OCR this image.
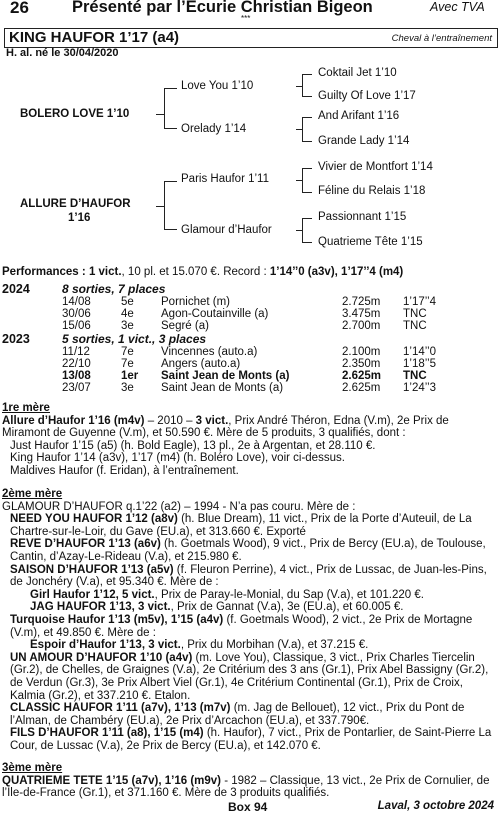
26	Présenté par l’Ecurie Christian Bigeon	Avec TVA
***
KING HAUFOR 1’17 (a4)	Cheval à l’entraînement
H. al. né le 30/04/2020
BOLERO LOVE 1’10
ALLURE D’HAUFOR
1’16
Love You 1’10
Orelady 1’14
Paris Haufor 1’11
Glamour d’Haufor
Coktail Jet 1’10
Guilty Of Love 1’17
And Arifant 1’16
Grande Lady 1’14
Vivier de Montfort 1’14
Féline du Relais 1’18
Passionnant 1’15
Quatrieme Tête 1’15
Performances : 1 vict., 10 pl. et 15.070 €. Record : 1’14’’0 (a3v), 1’17’’4 (m4)
2024	8 sorties, 7 places
14/08	5e Pornichet (m)	2.725m 1’17’’4
30/06	4e Agon-Coutainville (a)	3.475m TNC
15/06	3e Segré (a)	2.700m TNC
2023	5 sorties, 1 vict., 3 places
11/12	7e Vincennes (auto.a)	2.100m 1’14’’0
22/10	7e Angers (auto.a)	2.350m 1’18’’5
13/08	1er Saint Jean de Monts (a)	2.625m TNC
23/07	3e Saint Jean de Monts (a)	2.625m 1’24’’3

1re mère

Allure d’Haufor 1’16 (m4v) – 2010 – 3 vict., Prix André Théron, Edna (V.m), 2e Prix de Miramont de Guyenne (V.m), et 50.590 €. Mère de 5 produits, 3 qualifiés, dont :

Just Haufor 1’15 (a5) (h. Bold Eagle), 13 pl., 2e à Argentan, et 28.110 €.

King Haufor 1’14 (a3v), 1’17 (m4) (h. Boléro Love), voir ci-dessus.

Maldives Haufor (f. Eridan), à l’entraînement.

2ème mère

GLAMOUR D’HAUFOR q.1’22 (a2) – 1994 - N’a pas couru. Mère de :

NEED YOU HAUFOR 1’12 (a8v) (h. Blue Dream), 11 vict., Prix de la Porte d’Auteuil, de La Chartre-sur-le-Loir, du Gave (EU.a), et 313.660 €. Exporté

REVE D’HAUFOR 1’13 (a6v) (h. Goetmals Wood), 9 vict., Prix de Bercy (EU.a), de Toulouse, Cantin, d’Azay-Le-Rideau (V.a), et 215.980 €.

SAISON D’HAUFOR 1’13 (a5v) (f. Fleuron Perrine), 4 vict., Prix de Lussac, de Juan-les-Pins, de Jonchéry (V.a), et 95.340 €. Mère de :

Girl Haufor 1’12, 5 vict., Prix de Paray-le-Monial, du Sap (V.a), et 101.220 €.

JAG HAUFOR 1’13, 3 vict., Prix de Gannat (V.a), 3e (EU.a), et 60.005 €.

Turquoise Haufor 1’13 (m5v), 1’15 (a4v) (f. Goetmals Wood), 2 vict., 2e Prix de Mortagne (V.m), et 49.850 €. Mère de :

Espoir d’Haufor 1’13, 3 vict., Prix du Morbihan (V.a), et 37.215 €.

UN AMOUR D’HAUFOR 1’10 (a4v) (m. Love You), Classique, 3 vict., Prix Charles Tiercelin (Gr.2), de Chelles, de Graignes (V.a), 2e Critérium des 3 ans (Gr.1), Prix Abel Bassigny (Gr.2), de Verdun (Gr.3), 3e Prix Albert Viel (Gr.1), 4e Critérium Continental (Gr.1), Prix de Croix, Kalmia (Gr.2), et 337.210 €. Etalon.

CLASSIC HAUFOR 1’11 (a7v), 1’13 (m7v) (m. Jag de Bellouet), 12 vict., Prix du Pont de l’Alman, de Chambéry (EU.a), 2e Prix d’Arcachon (EU.a), et 337.790€.

FILS D’HAUFOR 1’11 (a8), 1’15 (m4) (h. Haufor), 7 vict., Prix de Pontarlier, de Saint-Pierre La Cour, de Lussac (V.a), 2e Prix de Bercy (EU.a), et 142.070 €.

3ème mère

QUATRIEME TETE 1’15 (a7v), 1’16 (m9v) - 1982 – Classique, 13 vict., 2e Prix de Cornulier, de l’Ile-de-France (Gr.1), et 371.160 €. Mère de 3 produits qualifiés.

Box 94	Laval, 3 octobre 2024
